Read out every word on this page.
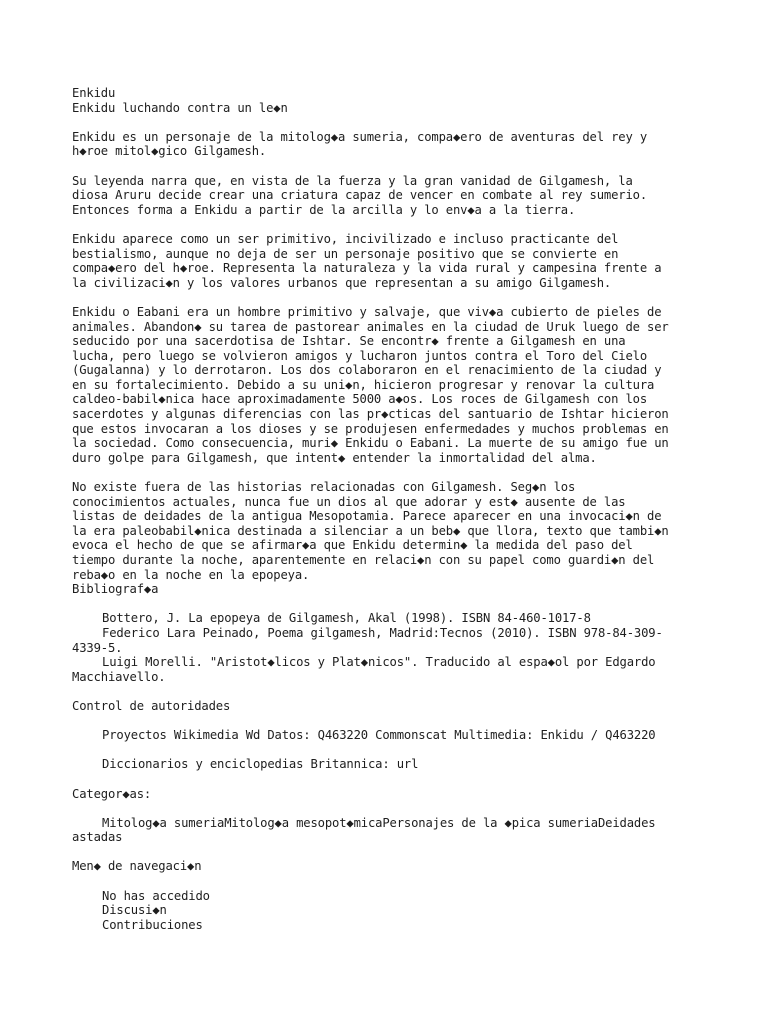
Enkidu
Enkidu luchando contra un le◆n
Enkidu es un personaje de la mitolog◆a sumeria, compa◆ero de aventuras del rey y
h◆roe mitol◆gico Gilgamesh.
Su leyenda narra que, en vista de la fuerza y la gran vanidad de Gilgamesh, la
diosa Aruru decide crear una criatura capaz de vencer en combate al rey sumerio.
Entonces forma a Enkidu a partir de la arcilla y lo env◆a a la tierra.
Enkidu aparece como un ser primitivo, incivilizado e incluso practicante del
bestialismo, aunque no deja de ser un personaje positivo que se convierte en
compa◆ero del h◆roe. Representa la naturaleza y la vida rural y campesina frente a
la civilizaci◆n y los valores urbanos que representan a su amigo Gilgamesh.
Enkidu o Eabani era un hombre primitivo y salvaje, que viv◆a cubierto de pieles de
animales. Abandon◆ su tarea de pastorear animales en la ciudad de Uruk luego de ser
seducido por una sacerdotisa de Ishtar. Se encontr◆ frente a Gilgamesh en una
lucha, pero luego se volvieron amigos y lucharon juntos contra el Toro del Cielo
(Gugalanna) y lo derrotaron. Los dos colaboraron en el renacimiento de la ciudad y
en su fortalecimiento. Debido a su uni◆n, hicieron progresar y renovar la cultura
caldeo-babil◆nica hace aproximadamente 5000 a◆os. Los roces de Gilgamesh con los
sacerdotes y algunas diferencias con las pr◆cticas del santuario de Ishtar hicieron
que estos invocaran a los dioses y se produjesen enfermedades y muchos problemas en
la sociedad. Como consecuencia, muri◆ Enkidu o Eabani. La muerte de su amigo fue un
duro golpe para Gilgamesh, que intent◆ entender la inmortalidad del alma.
No existe fuera de las historias relacionadas con Gilgamesh. Seg◆n los
conocimientos actuales, nunca fue un dios al que adorar y est◆ ausente de las
listas de deidades de la antigua Mesopotamia. Parece aparecer en una invocaci◆n de
la era paleobabil◆nica destinada a silenciar a un beb◆ que llora, texto que tambi◆n
evoca el hecho de que se afirmar◆a que Enkidu determin◆ la medida del paso del
tiempo durante la noche, aparentemente en relaci◆n con su papel como guardi◆n del
reba◆o en la noche en la epopeya.
Bibliograf◆a
Bottero, J. La epopeya de Gilgamesh, Akal (1998). ISBN 84-460-1017-8
Federico Lara Peinado, Poema gilgamesh, Madrid:Tecnos (2010). ISBN 978-84-309-
4339-5.
Luigi Morelli. "Aristot◆licos y Plat◆nicos". Traducido al espa◆ol por Edgardo
Macchiavello.
Control de autoridades
Proyectos Wikimedia Wd Datos: Q463220 Commonscat Multimedia: Enkidu / Q463220
Diccionarios y enciclopedias Britannica: url
Categor◆as:
Mitolog◆a sumeriaMitolog◆a mesopot◆micaPersonajes de la ◆pica sumeriaDeidades
astadas
Men◆ de navegaci◆n
No has accedido
Discusi◆n
Contribuciones
